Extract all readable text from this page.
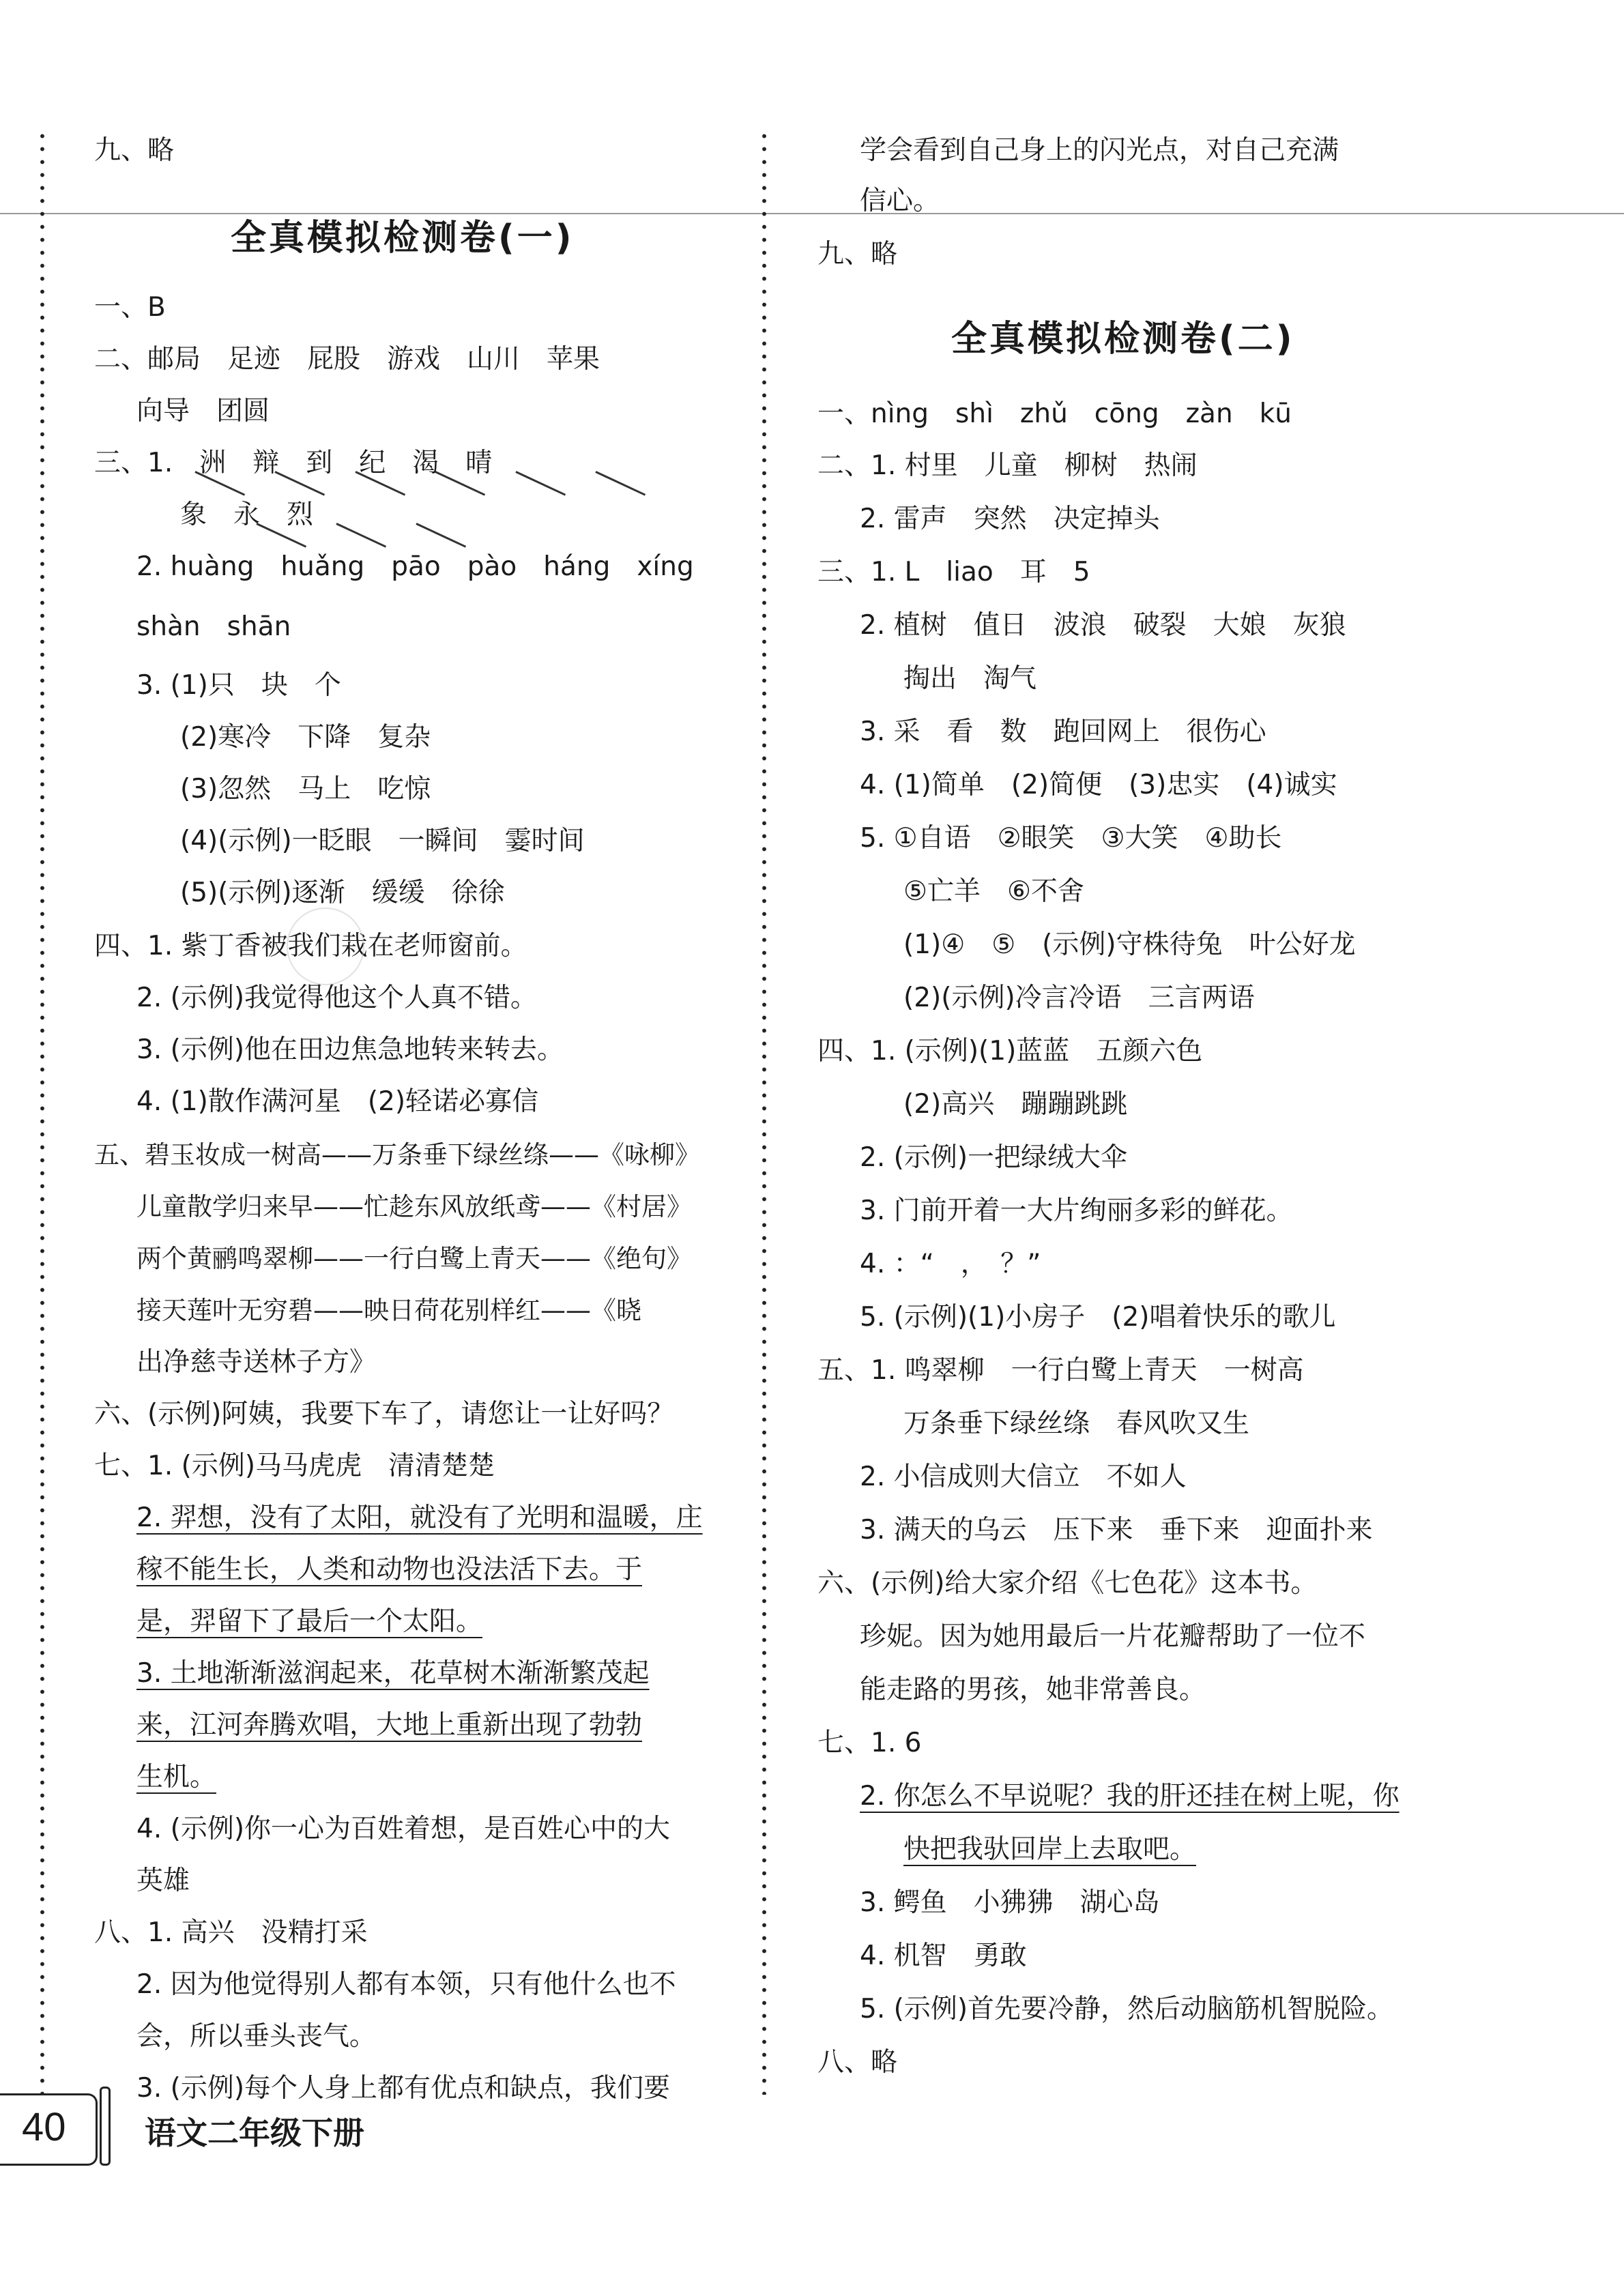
九、略
全真模拟检测卷(一)
一、B
二、邮局　足迹　屁股　游戏　山川　苹果
向导　团圆
三、1.　洲　辩　到　纪　渴　晴
象　永　烈
2. huàng　huǎng　pāo　pào　háng　xíng
shàn　shān
3. (1)只　块　个
(2)寒冷　下降　复杂
(3)忽然　马上　吃惊
(4)(示例)一眨眼　一瞬间　霎时间
(5)(示例)逐渐　缓缓　徐徐
四、1. 紫丁香被我们栽在老师窗前。
2. (示例)我觉得他这个人真不错。
3. (示例)他在田边焦急地转来转去。
4. (1)散作满河星　(2)轻诺必寡信
五、碧玉妆成一树高——万条垂下绿丝绦——《咏柳》
儿童散学归来早——忙趁东风放纸鸢——《村居》
两个黄鹂鸣翠柳——一行白鹭上青天——《绝句》
接天莲叶无穷碧——映日荷花别样红——《晓
出净慈寺送林子方》
六、(示例)阿姨，我要下车了，请您让一让好吗？
七、1. (示例)马马虎虎　清清楚楚
2. 羿想，没有了太阳，就没有了光明和温暖，庄
稼不能生长，人类和动物也没法活下去。于
是，羿留下了最后一个太阳。
3. 土地渐渐滋润起来，花草树木渐渐繁茂起
来，江河奔腾欢唱，大地上重新出现了勃勃
生机。
4. (示例)你一心为百姓着想，是百姓心中的大
英雄
八、1. 高兴　没精打采
2. 因为他觉得别人都有本领，只有他什么也不
会，所以垂头丧气。
3. (示例)每个人身上都有优点和缺点，我们要
学会看到自己身上的闪光点，对自己充满
信心。
九、略
全真模拟检测卷(二)
一、nìng　shì　zhǔ　cōng　zàn　kū
二、1. 村里　儿童　柳树　热闹
2. 雷声　突然　决定掉头
三、1. L　liao　耳　5
2. 植树　值日　波浪　破裂　大娘　灰狼
掏出　淘气
3. 采　看　数　跑回网上　很伤心
4. (1)简单　(2)简便　(3)忠实　(4)诚实
5. ①自语　②眼笑　③大笑　④助长
⑤亡羊　⑥不舍
(1)④　⑤　(示例)守株待兔　叶公好龙
(2)(示例)冷言冷语　三言两语
四、1. (示例)(1)蓝蓝　五颜六色
(2)高兴　蹦蹦跳跳
2. (示例)一把绿绒大伞
3. 门前开着一大片绚丽多彩的鲜花。
4. ：“　，　？”
5. (示例)(1)小房子　(2)唱着快乐的歌儿
五、1. 鸣翠柳　一行白鹭上青天　一树高
万条垂下绿丝绦　春风吹又生
2. 小信成则大信立　不如人
3. 满天的乌云　压下来　垂下来　迎面扑来
六、(示例)给大家介绍《七色花》这本书。
珍妮。因为她用最后一片花瓣帮助了一位不
能走路的男孩，她非常善良。
七、1. 6
2. 你怎么不早说呢？我的肝还挂在树上呢，你
快把我驮回岸上去取吧。
3. 鳄鱼　小狒狒　湖心岛
4. 机智　勇敢
5. (示例)首先要冷静，然后动脑筋机智脱险。
八、略
40	语文二年级下册
